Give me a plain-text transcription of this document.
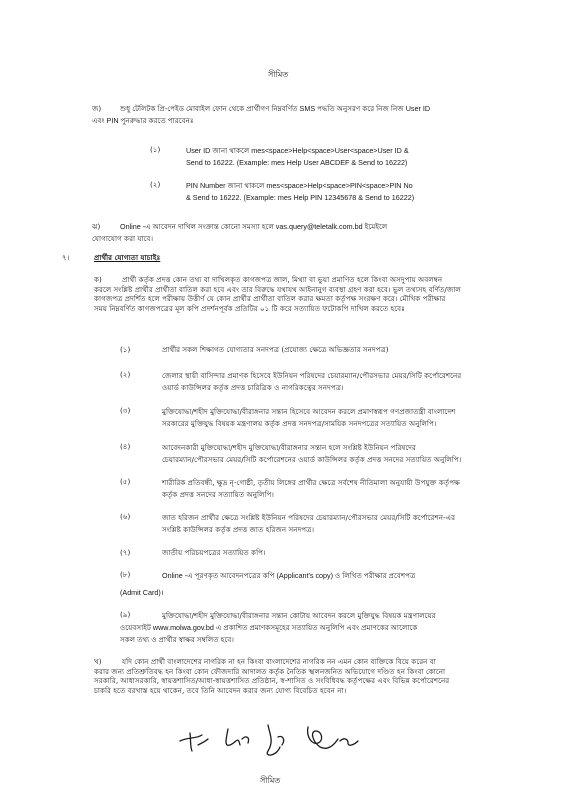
সীমিত
জ)	শুধু টেলিটক প্রি-পেইড মোবাইল ফোন থেকে প্রার্থীগণ নিম্নবর্ণিত SMS পদ্ধতি অনুসরণ করে নিজ নিজ User ID
এবং PIN পুনরুদ্ধার করতে পারবেনঃ
(১)	User ID জানা থাকলে mes<space>Help<space>User<space>User ID &
Send to 16222. (Example: mes Help User ABCDEF & Send to 16222)
(২)	PIN Number জানা থাকলে mes<space>Help<space>PIN<space>PIN No
& Send to 16222. (Example: mes Help PIN 12345678 & Send to 16222)
ঝ)	Online -এ আবেদন দাখিল সংক্রান্ত কোনো সমস্যা হলে vas.query@teletalk.com.bd ইমেইলে
যোগাযোগ করা যাবে।
৭।	প্রার্থীর যোগ্যতা যাচাইঃ
ক)	প্রার্থী কর্তৃক প্রদত্ত কোন তথ্য বা দাখিলকৃত কাগজপত্র জাল, মিথ্যা বা ভুয়া প্রমাণিত হলে কিংবা অসদুপায় অবলম্বন
করলে সংশ্লিষ্ট প্রার্থীর প্রার্থীতা বাতিল করা হবে এবং তার বিরুদ্ধে যথাযথ আইনানুগ ব্যবস্থা গ্রহণ করা হবে। ভুল তথ্যসহ বর্ণিত/জাল
কাগজপত্র প্রদর্শিত হলে পরীক্ষায় উত্তীর্ণ যে কোন প্রার্থীর প্রার্থীতা বাতিল করার ক্ষমতা কর্তৃপক্ষ সংরক্ষণ করে। মৌখিক পরীক্ষার
সময় নিম্নবর্ণিত কাগজপত্রের মূল কপি প্রদর্শনপূর্বক প্রতিটির ০১ টি করে সত্যায়িত ফটোকপি দাখিল করতে হবেঃ
(১)	প্রার্থীর সকল শিক্ষাগত যোগ্যতার সনদপত্র (প্রযোজ্য ক্ষেত্রে অভিজ্ঞতার সনদপত্র)
(২)	জেলার স্থায়ী বাসিন্দার প্রমাণক হিসেবে ইউনিয়ন পরিষদের চেয়ারম্যান/পৌরসভার মেয়র/সিটি কর্পোরেশনের
ওয়ার্ড কাউন্সিলর কর্তৃক প্রদত্ত চারিত্রিক ও নাগরিকত্বের সনদপত্র।
(৩)	মুক্তিযোদ্ধা/শহীদ মুক্তিযোদ্ধা/বীরাঙ্গনার সন্তান হিসেবে আবেদন করলে প্রমাণস্বরূপ গণপ্রজাতন্ত্রী বাংলাদেশ
সরকারের মুক্তিযুদ্ধ বিষয়ক মন্ত্রণালয় কর্তৃক প্রদত্ত সনদপত্র/সাময়িক সনদপত্রের সত্যায়িত অনুলিপি।
(৪)	আবেদনকারী মুক্তিযোদ্ধা/শহীদ মুক্তিযোদ্ধা/বীরাঙ্গনার সন্তান হলে সংশ্লিষ্ট ইউনিয়ন পরিষদের
চেয়ারম্যান/পৌরসভার মেয়র/সিটি কর্পোরেশনের ওয়ার্ড কাউন্সিলর কর্তৃক প্রদত্ত সনদের সত্যায়িত অনুলিপি।
(৫)	শারীরিক প্রতিবন্ধী, ক্ষুদ্র নৃ-গোষ্ঠী, তৃতীয় লিঙ্গের প্রার্থীর ক্ষেত্রে সর্বশেষ নীতিমালা অনুযায়ী উপযুক্ত কর্তৃপক্ষ
কর্তৃক প্রদত্ত সনদের সত্যায়িত অনুলিপি।
(৬)	জাত হরিজন প্রার্থীর ক্ষেত্রে সংশ্লিষ্ট ইউনিয়ন পরিষদের চেয়ারম্যান/পৌরসভার মেয়র/সিটি কর্পোরেশন-এর
সংশ্লিষ্ট কাউন্সিলর কর্তৃক প্রদত্ত জাত হরিজন সনদপত্র।
(৭)	জাতীয় পরিচয়পত্রের সত্যায়িত কপি।
(৮)	Online -এ পূরণকৃত আবেদনপত্রের কপি (Applicant's copy) ও লিখিত পরীক্ষার প্রবেশপত্র
(Admit Card)।
(৯)	মুক্তিযোদ্ধা/শহীদ মুক্তিযোদ্ধা/বীরাঙ্গনার সন্তান কোটায় আবেদন করলে মুক্তিযুদ্ধ বিষয়ক মন্ত্রণালয়ের
ওয়েবসাইট www.molwa.gov.bd এ প্রকাশিত প্রমাণকসমূহের সত্যায়িত অনুলিপি এবং প্রমাণকের আলোকে
সকল তথ্য ও প্রার্থীর স্বাক্ষর সম্বলিত হবে।
খ)	যদি কোন প্রার্থী বাংলাদেশের নাগরিক না হন কিংবা বাংলাদেশের নাগরিক নন এমন কোন ব্যক্তিকে বিয়ে করেন বা
করার জন্য প্রতিশ্রুতিবদ্ধ হন কিংবা কোন ফৌজদারি আদালত কর্তৃক নৈতিক স্খলনজনিত অভিযোগে দণ্ডিত হন কিংবা কোনো
সরকারি, আধাসরকারি, স্বায়ত্তশাসিত/আধা-স্বায়ত্তশাসিত প্রতিষ্ঠান, স্ব-শাসিত ও সংবিধিবদ্ধ কর্তৃপক্ষের এবং বিভিন্ন কর্পোরেশনের
চাকরি হতে বরখাস্ত হয়ে থাকেন, তবে তিনি আবেদন করার জন্য যোগ্য বিবেচিত হবেন না।
সীমিত
